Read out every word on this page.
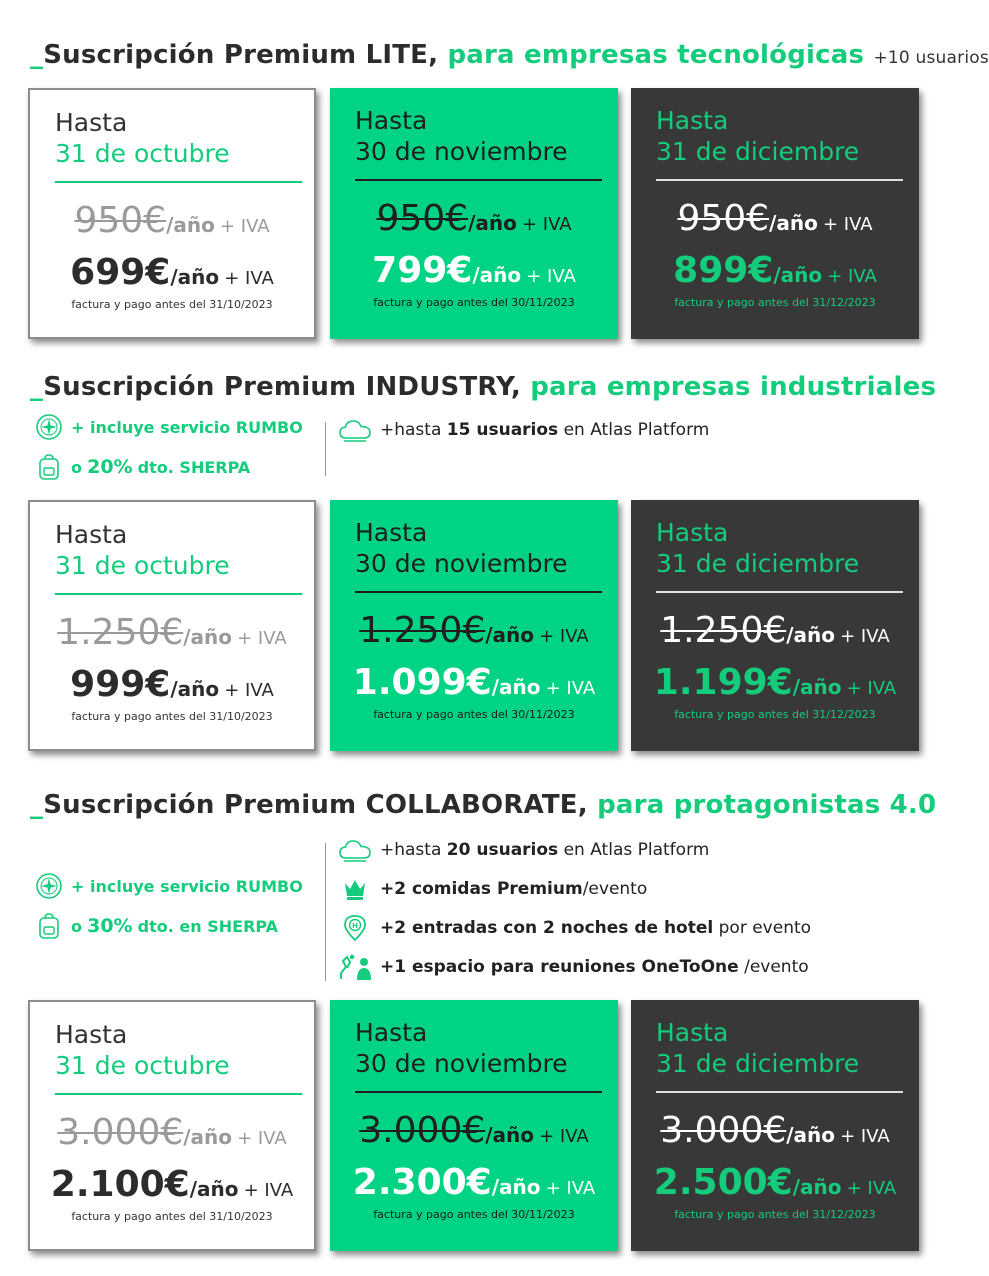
_Suscripción Premium LITE, para empresas tecnológicas +10 usuarios
Hasta
31 de octubre
950€/año + IVA
699€/año + IVA
factura y pago antes del 31/10/2023
Hasta
30 de noviembre
950€/año + IVA
799€/año + IVA
factura y pago antes del 30/11/2023
Hasta
31 de diciembre
950€/año + IVA
899€/año + IVA
factura y pago antes del 31/12/2023
_Suscripción Premium INDUSTRY, para empresas industriales
+ incluye servicio RUMBO
o
20%
dto. SHERPA
+hasta
15 usuarios
en Atlas Platform
Hasta
31 de octubre
1.250€/año + IVA
999€/año + IVA
factura y pago antes del 31/10/2023
Hasta
30 de noviembre
1.250€/año + IVA
1.099€/año + IVA
factura y pago antes del 30/11/2023
Hasta
31 de diciembre
1.250€/año + IVA
1.199€/año + IVA
factura y pago antes del 31/12/2023
_Suscripción Premium COLLABORATE, para protagonistas 4.0
+ incluye servicio RUMBO
o
30%
dto. en SHERPA
+hasta
20 usuarios
en Atlas Platform
+2 comidas Premium /evento
H +2 entradas con 2 noches de hotel
por evento
+1 espacio para reuniones OneToOne
/evento
Hasta
31 de octubre
3.000€/año + IVA
2.100€/año + IVA
factura y pago antes del 31/10/2023
Hasta
30 de noviembre
3.000€/año + IVA
2.300€/año + IVA
factura y pago antes del 30/11/2023
Hasta
31 de diciembre
3.000€/año + IVA
2.500€/año + IVA
factura y pago antes del 31/12/2023
